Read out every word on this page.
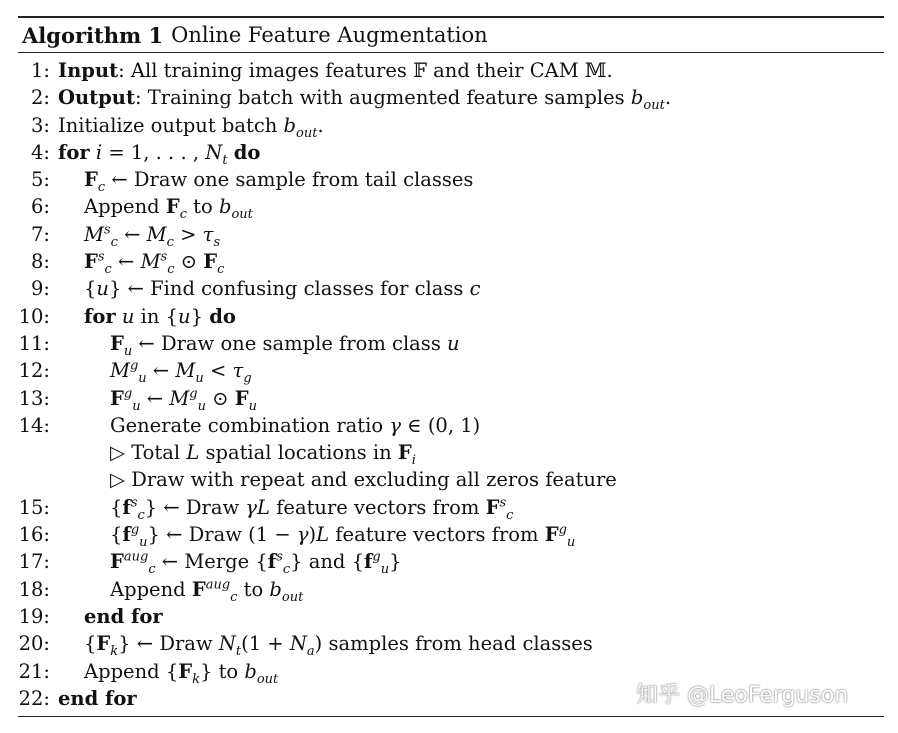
Algorithm 1 Online Feature Augmentation
1: Input: All training images features 𝔽 and their CAM 𝕄.
2: Output: Training batch with augmented feature samples $b_{out}$.
3: Initialize output batch $b_{out}$.
4: for i = 1, . . . , $N_t$ do
5: $F_c$ ← Draw one sample from tail classes
6: Append $F_c$ to $b_{out}$
7: $M^s_c$ ← $M_c > \tau_s$
8: $F^s_c$ ← $M^s_c$ ⊙ $F_c$
9: {u} ← Find confusing classes for class c
10: for u in {u} do
11:	$F_u$ ← Draw one sample from class u
12:	$M^g_u$ ← $M_u < \tau_g$
13:	$F^g_u$ ← $M^g_u$ ⊙ $F_u$
14:	Generate combination ratio γ ∈ (0, 1)
▷ Total L spatial locations in $F_i$
▷ Draw with repeat and excluding all zeros feature
15:	$\{f^s_c\}$ ← Draw γL feature vectors from $F^s_c$
16:	$\{f^g_u\}$ ← Draw (1 − γ)L feature vectors from $F^g_u$
17:	$F^{aug}_c$ ← Merge $\{f^s_c\}$ and $\{f^g_u\}$
18:	Append $F^{aug}_c$ to $b_{out}$
19: end for
20: $\{F_k\}$ ← Draw $N_t(1 + N_a)$ samples from head classes
21: Append $\{F_k\}$ to $b_{out}$
22: end for	知乎 @LeoFerguson
